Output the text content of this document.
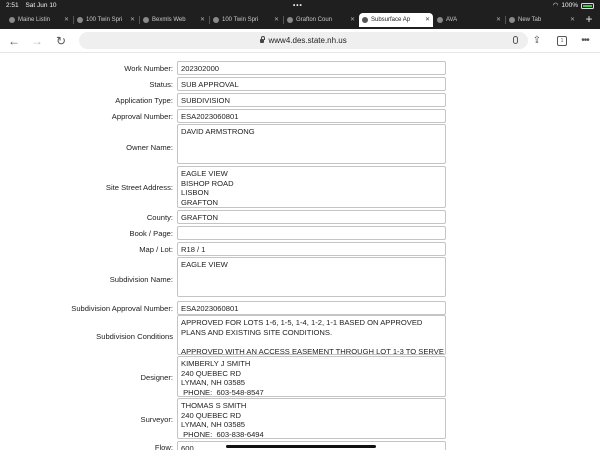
2:51 Sat Jun 10	•••	◠ 100%
Maine Listin ✕	100 Twin Spri ✕	Bexmls Web ✕	100 Twin Spri	✕	Grafton Coun	✕	Subsurface Ap ✕	AVA	✕	New Tab	✕ +
← → ↻	www4.des.state.nh.us	⇪	1	•••
Work Number: 202302000
Status: SUB APPROVAL
Application Type: SUBDIVISION
Approval Number: ESA2023060801
Owner Name:
DAVID ARMSTRONG
Site Street Address:
EAGLE VIEW
BISHOP ROAD
LISBON
GRAFTON
County: GRAFTON
Book / Page:
Map / Lot: R18 / 1
Subdivision Name:
EAGLE VIEW
Subdivision Approval Number: ESA2023060801
Subdivision Conditions
APPROVED FOR LOTS 1-6, 1-5, 1-4, 1-2, 1-1 BASED ON APPROVED
PLANS AND EXISTING SITE CONDITIONS.
APPROVED WITH AN ACCESS EASEMENT THROUGH LOT 1-3 TO SERVE
Designer:
KIMBERLY J SMITH
240 QUEBEC RD
LYMAN, NH 03585
PHONE:  603-548-8547
Surveyor:
THOMAS S SMITH
240 QUEBEC RD
LYMAN, NH 03585
PHONE:  603-838-6494
Flow: 600
